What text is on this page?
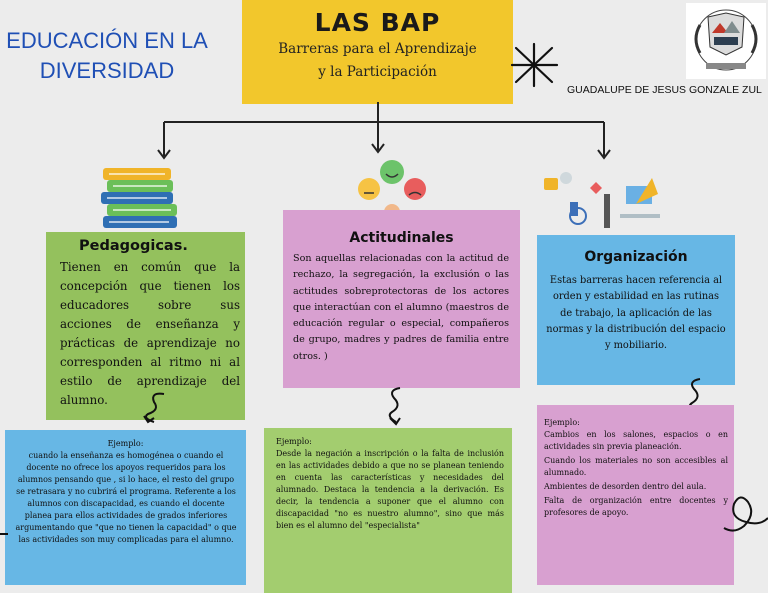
EDUCACIÓN EN LA DIVERSIDAD
LAS BAP
Barreras para el Aprendizaje
y la Participación
GUADALUPE DE JESUS GONZALE ZUL
Pedagogicas.
Tienen en común que la concepción que tienen los educadores sobre sus acciones de enseñanza y prácticas de aprendizaje no corresponden al ritmo ni al estilo de aprendizaje del alumno.
Actitudinales
Son aquellas relacionadas con la actitud de rechazo, la segregación, la exclusión o las actitudes sobreprotectoras de los actores que interactúan con el alumno (maestros de educación regular o especial, compañeros de grupo, madres y padres de familia entre otros. )
Organización
Estas barreras hacen referencia al orden y estabilidad en las rutinas de trabajo, la aplicación de las normas y la distribución del espacio y mobiliario.
Ejemplo:
cuando la enseñanza es homogénea o cuando el docente no ofrece los apoyos requeridos para los alumnos pensando que , si lo hace, el resto del grupo se retrasara y no cubrirá el programa. Referente a los alumnos con discapacidad, es cuando el docente planea para ellos actividades de grados inferiores argumentando que "que no tienen la capacidad" o que las actividades son muy complicadas para el alumno.
Ejemplo:
Desde la negación a inscripción o la falta de inclusión en las actividades debido a que no se planean teniendo en cuenta las características y necesidades del alumnado. Destaca la tendencia a la derivación. Es decir, la tendencia a suponer que el alumno con discapacidad "no es nuestro alumno", sino que más bien es el alumno del "especialista"
Ejemplo:
Cambios en los salones, espacios o en actividades sin previa planeación.
Cuando los materiales no son accesibles al alumnado.
Ambientes de desorden dentro del aula.
Falta de organización entre docentes y profesores de apoyo.
